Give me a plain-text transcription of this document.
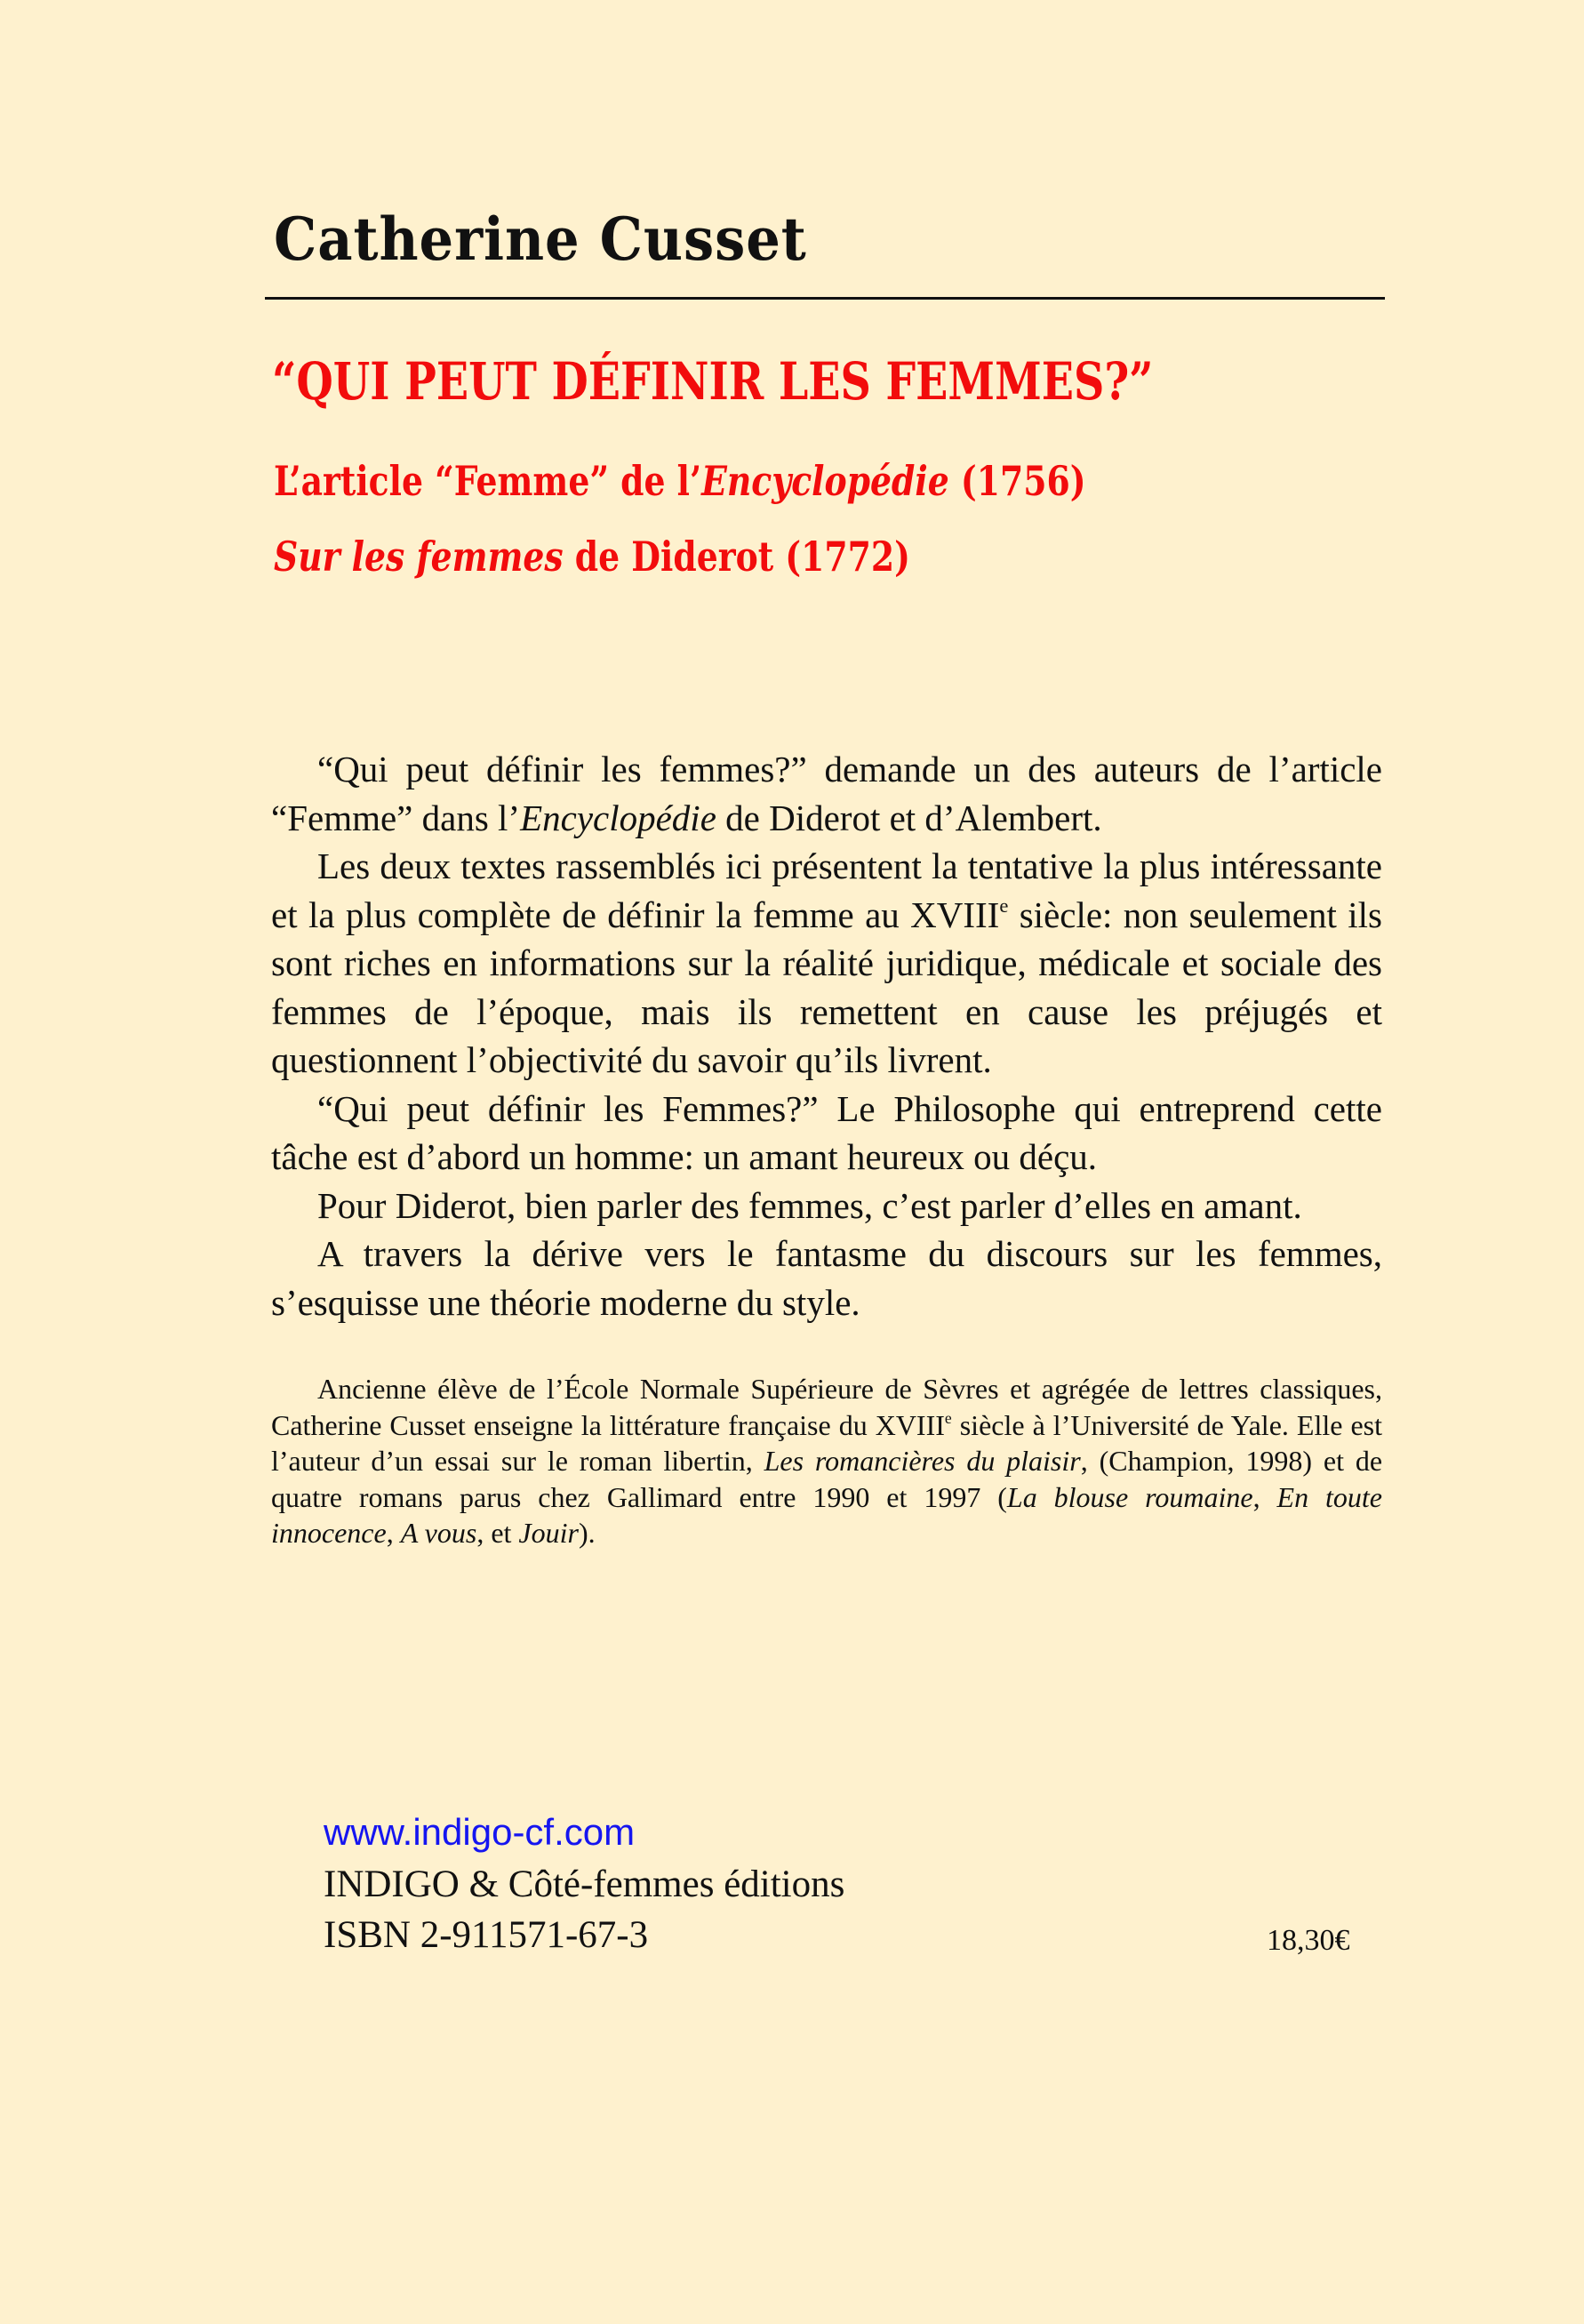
Catherine Cusset
“QUI PEUT DÉFINIR LES FEMMES?”
L’article “Femme” de l’Encyclopédie (1756)
Sur les femmes de Diderot (1772)

“Qui peut définir les femmes?” demande un des auteurs de l’article “Femme” dans l’Encyclopédie de Diderot et d’Alembert.

Les deux textes rassemblés ici présentent la tentative la plus intéressante et la plus complète de définir la femme au XVIIIe siècle: non seulement ils sont riches en informations sur la réalité juridique, médicale et sociale des femmes de l’époque, mais ils remettent en cause les préjugés et questionnent l’objectivité du savoir qu’ils livrent.

“Qui peut définir les Femmes?” Le Philosophe qui entreprend cette tâche est d’abord un homme: un amant heureux ou déçu.

Pour Diderot, bien parler des femmes, c’est parler d’elles en amant.

A travers la dérive vers le fantasme du discours sur les femmes, s’esquisse une théorie moderne du style.

Ancienne élève de l’École Normale Supérieure de Sèvres et agrégée de lettres classiques, Catherine Cusset enseigne la littérature française du XVIIIe siècle à l’Université de Yale. Elle est l’auteur d’un essai sur le roman libertin, Les romancières du plaisir, (Champion, 1998) et de quatre romans parus chez Gallimard entre 1990 et 1997 (La blouse roumaine, En toute innocence, A vous, et Jouir).

www.indigo-cf.com
INDIGO & Côté-femmes éditions
ISBN 2-911571-67-3	18,30€
